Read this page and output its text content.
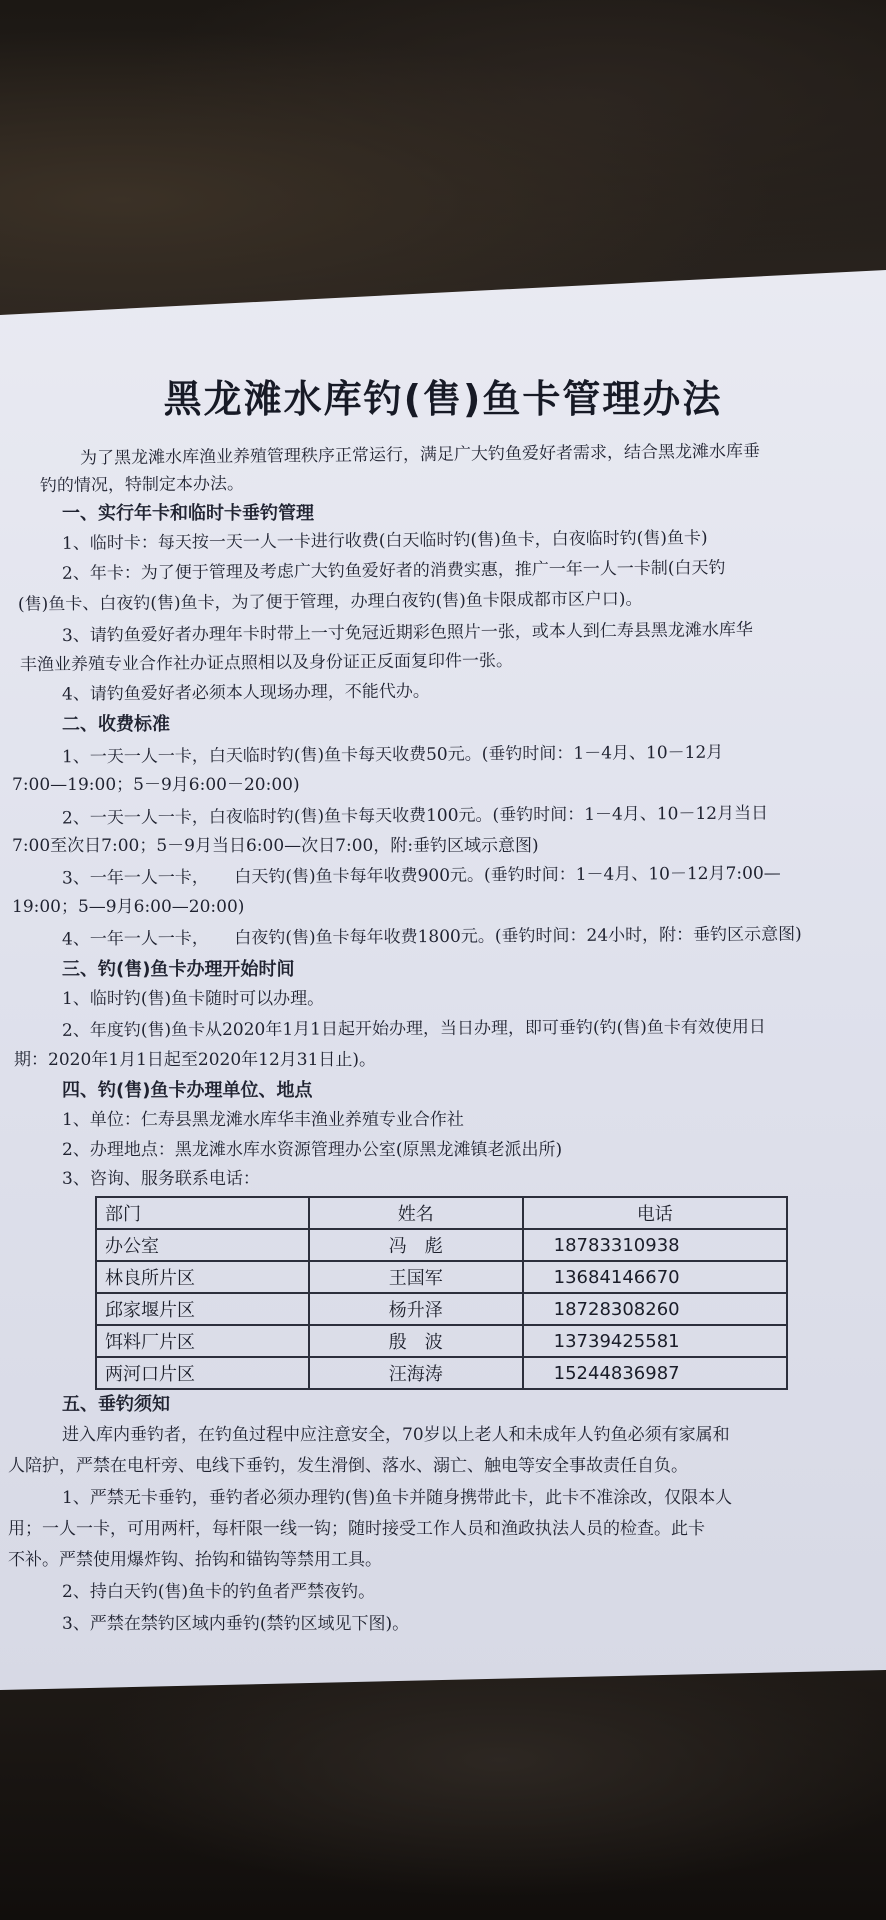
黑龙滩水库钓(售)鱼卡管理办法
为了黑龙滩水库渔业养殖管理秩序正常运行，满足广大钓鱼爱好者需求，结合黑龙滩水库垂
钓的情况，特制定本办法。
一、实行年卡和临时卡垂钓管理
1、临时卡：每天按一天一人一卡进行收费(白天临时钓(售)鱼卡，白夜临时钓(售)鱼卡)
2、年卡：为了便于管理及考虑广大钓鱼爱好者的消费实惠，推广一年一人一卡制(白天钓
(售)鱼卡、白夜钓(售)鱼卡，为了便于管理，办理白夜钓(售)鱼卡限成都市区户口)。
3、请钓鱼爱好者办理年卡时带上一寸免冠近期彩色照片一张，或本人到仁寿县黑龙滩水库华
丰渔业养殖专业合作社办证点照相以及身份证正反面复印件一张。
4、请钓鱼爱好者必须本人现场办理，不能代办。
二、收费标准
1、一天一人一卡，白天临时钓(售)鱼卡每天收费50元。(垂钓时间：1－4月、10－12月
7:00—19:00；5－9月6:00－20:00)
2、一天一人一卡，白夜临时钓(售)鱼卡每天收费100元。(垂钓时间：1－4月、10－12月当日
7:00至次日7:00；5－9月当日6:00—次日7:00，附:垂钓区域示意图)
3、一年一人一卡，　　白天钓(售)鱼卡每年收费900元。(垂钓时间：1－4月、10－12月7:00—
19:00；5—9月6:00—20:00)
4、一年一人一卡，　　白夜钓(售)鱼卡每年收费1800元。(垂钓时间：24小时，附：垂钓区示意图)
三、钓(售)鱼卡办理开始时间
1、临时钓(售)鱼卡随时可以办理。
2、年度钓(售)鱼卡从2020年1月1日起开始办理，当日办理，即可垂钓(钓(售)鱼卡有效使用日
期：2020年1月1日起至2020年12月31日止)。
四、钓(售)鱼卡办理单位、地点
1、单位：仁寿县黑龙滩水库华丰渔业养殖专业合作社
部门	姓名	电话
办公室	冯　彪	18783310938
林良所片区	王国军	13684146670
邱家堰片区	杨升泽	18728308260
饵料厂片区	殷　波	13739425581
两河口片区	汪海涛	15244836987
2、办理地点：黑龙滩水库水资源管理办公室(原黑龙滩镇老派出所)
3、咨询、服务联系电话：
五、垂钓须知
进入库内垂钓者，在钓鱼过程中应注意安全，70岁以上老人和未成年人钓鱼必须有家属和
人陪护，严禁在电杆旁、电线下垂钓，发生滑倒、落水、溺亡、触电等安全事故责任自负。
1、严禁无卡垂钓，垂钓者必须办理钓(售)鱼卡并随身携带此卡，此卡不准涂改，仅限本人
用；一人一卡，可用两杆，每杆限一线一钩；随时接受工作人员和渔政执法人员的检查。此卡
不补。严禁使用爆炸钩、抬钩和锚钩等禁用工具。
2、持白天钓(售)鱼卡的钓鱼者严禁夜钓。
3、严禁在禁钓区域内垂钓(禁钓区域见下图)。
